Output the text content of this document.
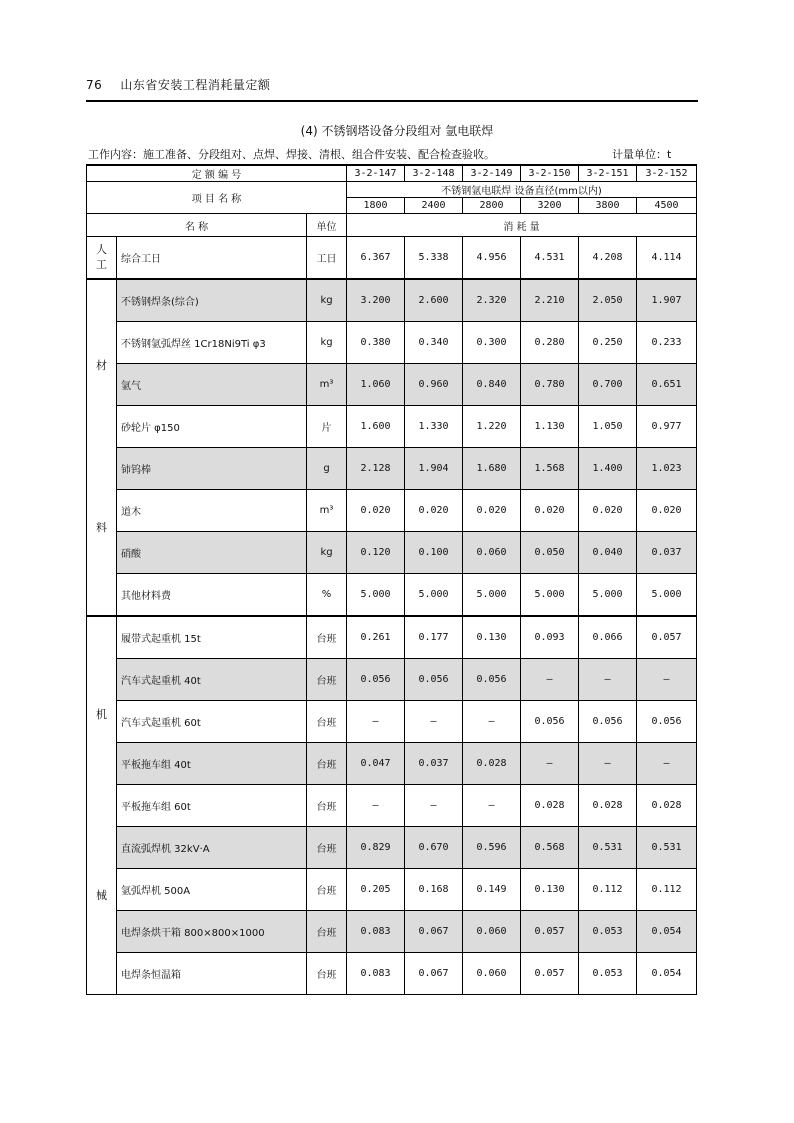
76 山东省安装工程消耗量定额
(4) 不锈钢塔设备分段组对 氩电联焊
工作内容：施工准备、分段组对、点焊、焊接、清根、组合件安装、配合检查验收。	计量单位：t
定 额 编 号			3-2-147	3-2-148	3-2-149	3-2-150	3-2-151	3-2-152
项 目 名 称			不锈钢氩电联焊 设备直径(mm以内)					
			1800	2400	2800	3200	3800	4500
名 称		单位	消 耗 量					

人
工	综合工日	工日	6.367	5.338	4.956	4.531	4.208	4.114

材
料	不锈钢焊条(综合)	kg	3.200	2.600	2.320	2.210	2.050	1.907
	不锈钢氩弧焊丝 1Cr18Ni9Ti φ3	kg	0.380	0.340	0.300	0.280	0.250	0.233
	氩气	m³	1.060	0.960	0.840	0.780	0.700	0.651
	砂轮片 φ150	片	1.600	1.330	1.220	1.130	1.050	0.977
	铈钨棒	g	2.128	1.904	1.680	1.568	1.400	1.023
	道木	m³	0.020	0.020	0.020	0.020	0.020	0.020
	硝酸	kg	0.120	0.100	0.060	0.050	0.040	0.037
	其他材料费	%	5.000	5.000	5.000	5.000	5.000	5.000

机
械	履带式起重机 15t	台班	0.261	0.177	0.130	0.093	0.066	0.057
	汽车式起重机 40t	台班	0.056	0.056	0.056	—	—	—
	汽车式起重机 60t	台班	—	—	—	0.056	0.056	0.056
	平板拖车组 40t	台班	0.047	0.037	0.028	—	—	—
	平板拖车组 60t	台班	—	—	—	0.028	0.028	0.028
	直流弧焊机 32kV·A	台班	0.829	0.670	0.596	0.568	0.531	0.531
	氩弧焊机 500A	台班	0.205	0.168	0.149	0.130	0.112	0.112
	电焊条烘干箱 800×800×1000	台班	0.083	0.067	0.060	0.057	0.053	0.054
	电焊条恒温箱	台班	0.083	0.067	0.060	0.057	0.053	0.054
